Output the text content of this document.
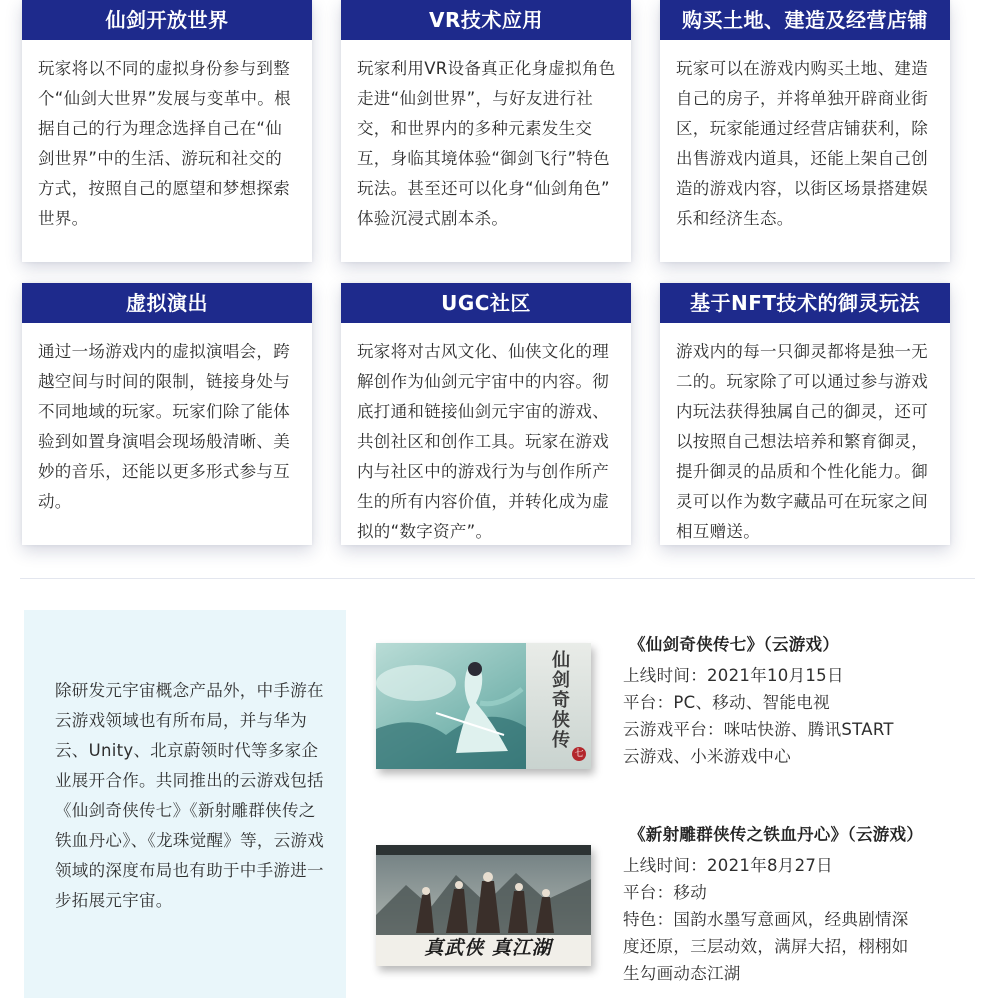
仙剑开放世界
玩家将以不同的虚拟身份参与到整个“仙剑大世界”发展与变革中。根据自己的行为理念选择自己在“仙剑世界”中的生活、游玩和社交的方式，按照自己的愿望和梦想探索世界。
VR技术应用
玩家利用VR设备真正化身虚拟角色走进“仙剑世界”，与好友进行社交，和世界内的多种元素发生交互，身临其境体验“御剑飞行”特色玩法。甚至还可以化身“仙剑角色” 体验沉浸式剧本杀。
购买土地、建造及经营店铺
玩家可以在游戏内购买土地、建造自己的房子，并将单独开辟商业街区，玩家能通过经营店铺获利，除出售游戏内道具，还能上架自己创造的游戏内容，以街区场景搭建娱乐和经济生态。
虚拟演出
通过一场游戏内的虚拟演唱会，跨越空间与时间的限制，链接身处与不同地域的玩家。玩家们除了能体验到如置身演唱会现场般清晰、美妙的音乐，还能以更多形式参与互动。
UGC社区
玩家将对古风文化、仙侠文化的理解创作为仙剑元宇宙中的内容。彻底打通和链接仙剑元宇宙的游戏、共创社区和创作工具。玩家在游戏内与社区中的游戏行为与创作所产生的所有内容价值，并转化成为虚拟的“数字资产”。
基于NFT技术的御灵玩法
游戏内的每一只御灵都将是独一无二的。玩家除了可以通过参与游戏内玩法获得独属自己的御灵，还可以按照自己想法培养和繁育御灵，提升御灵的品质和个性化能力。御灵可以作为数字藏品可在玩家之间相互赠送。
除研发元宇宙概念产品外，中手游在云游戏领域也有所布局，并与华为云、Unity、北京蔚领时代等多家企业展开合作。共同推出的云游戏包括《仙剑奇侠传七》《新射雕群侠传之铁血丹心》、《龙珠觉醒》等，云游戏领域的深度布局也有助于中手游进一步拓展元宇宙。
仙剑奇侠传
七
《仙剑奇侠传七》（云游戏）
上线时间：2021年10月15日
平台：PC、移动、智能电视
云游戏平台：咪咕快游、腾讯START
云游戏、小米游戏中心
真武侠 真江湖
《新射雕群侠传之铁血丹心》（云游戏）
上线时间：2021年8月27日
平台：移动
特色：国韵水墨写意画风，经典剧情深
度还原，三层动效，满屏大招，栩栩如
生勾画动态江湖
